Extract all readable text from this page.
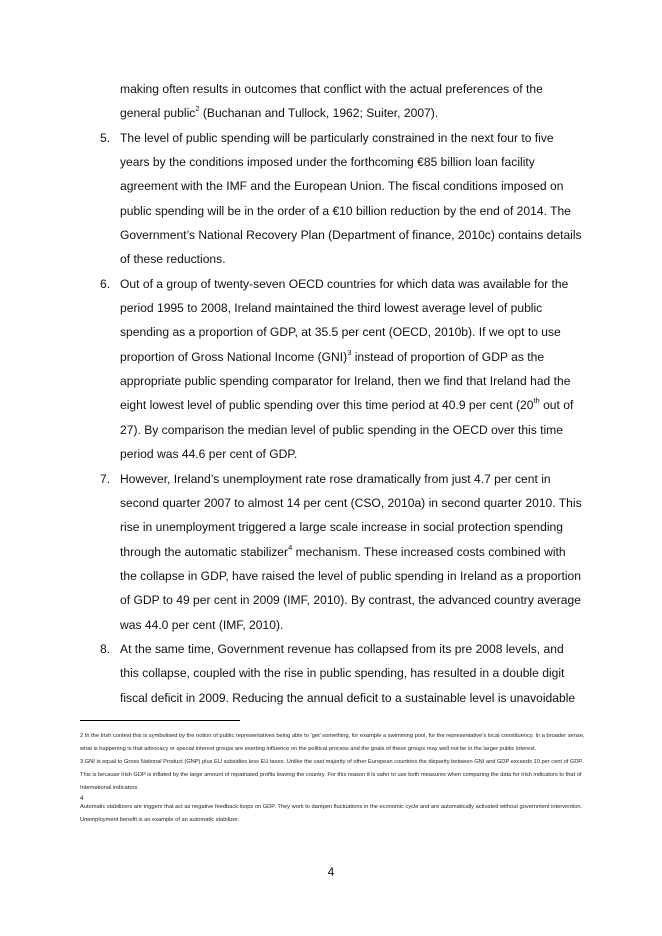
making often results in outcomes that conflict with the actual preferences of the general public$^2$ (Buchanan and Tullock, 1962; Suiter, 2007).

5. The level of public spending will be particularly constrained in the next four to five years by the conditions imposed under the forthcoming €85 billion loan facility agreement with the IMF and the European Union. The fiscal conditions imposed on public spending will be in the order of a €10 billion reduction by the end of 2014. The Government’s National Recovery Plan (Department of finance, 2010c) contains details of these reductions.

6. Out of a group of twenty-seven OECD countries for which data was available for the period 1995 to 2008, Ireland maintained the third lowest average level of public spending as a proportion of GDP, at 35.5 per cent (OECD, 2010b). If we opt to use proportion of Gross National Income (GNI)$^3$ instead of proportion of GDP as the appropriate public spending comparator for Ireland, then we find that Ireland had the eight lowest level of public spending over this time period at 40.9 per cent (20th out of 27). By comparison the median level of public spending in the OECD over this time period was 44.6 per cent of GDP.

7. However, Ireland’s unemployment rate rose dramatically from just 4.7 per cent in second quarter 2007 to almost 14 per cent (CSO, 2010a) in second quarter 2010. This rise in unemployment triggered a large scale increase in social protection spending through the automatic stabilizer$^4$ mechanism. These increased costs combined with the collapse in GDP, have raised the level of public spending in Ireland as a proportion of GDP to 49 per cent in 2009 (IMF, 2010). By contrast, the advanced country average was 44.0 per cent (IMF, 2010).

8. At the same time, Government revenue has collapsed from its pre 2008 levels, and this collapse, coupled with the rise in public spending, has resulted in a double digit fiscal deficit in 2009. Reducing the annual deficit to a sustainable level is unavoidable

2 In the Irish context this is symbolised by the notion of public representatives being able to ‘get’ something, for example a swimming pool, for the representative’s local constituency. In a broader sense, what is happening is that advocacy or special interest groups are exerting influence on the political process and the goals of these groups may well not be in the larger public interest.

3 GNI is equal to Gross National Product (GNP) plus EU subsidies less EU taxes. Unlike the vast majority of other European countries the disparity between GNI and GDP exceeds 10 per cent of GDP. This is because Irish GDP is inflated by the large amount of repatriated profits leaving the country. For this reason it is safer to use both measures when comparing the data for Irish indicators to that of International indicators.

4
Automatic stabilizers are triggers that act as negative feedback loops on GDP. They work to dampen fluctuations in the economic cycle and are automatically activated without government intervention. Unemployment benefit is an example of an automatic stabilizer.

4
